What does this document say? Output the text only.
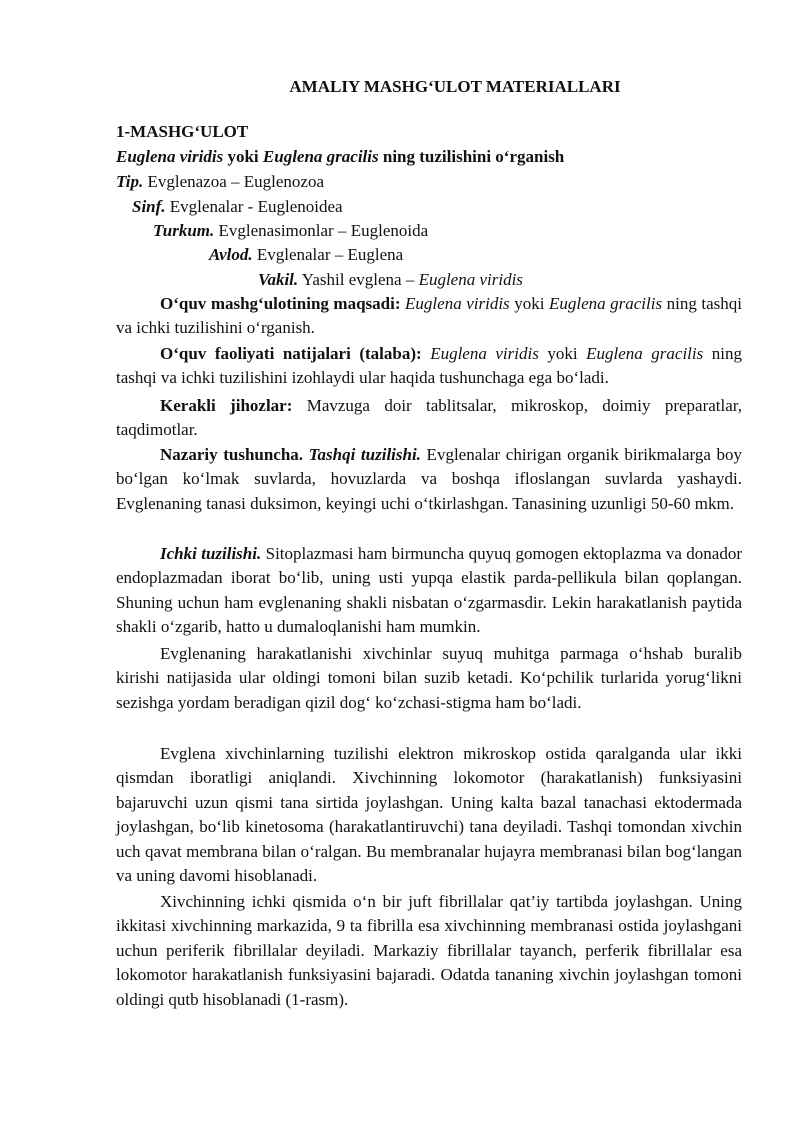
AMALIY MASHG‘ULOT MATERIALLARI
1-MASHG‘ULOT
Euglena viridis yoki Euglena gracilis ning tuzilishini o‘rganish
Tip. Evglenazoa – Euglenozoa
Sinf. Evglenalar - Euglenoidea
Turkum. Evglenasimonlar – Euglenoida
Avlod. Evglenalar – Euglena
Vakil. Yashil evglena – Euglena viridis

O‘quv mashg‘ulotining maqsadi: Euglena viridis yoki Euglena gracilis ning tashqi va ichki tuzilishini o‘rganish.

O‘quv faoliyati natijalari (talaba): Euglena viridis yoki Euglena gracilis ning tashqi va ichki tuzilishini izohlaydi ular haqida tushunchaga ega bo‘ladi.

Kerakli jihozlar: Mavzuga doir tablitsalar, mikroskop, doimiy preparatlar, taqdimotlar.

Nazariy tushuncha. Tashqi tuzilishi. Evglenalar chirigan organik birikmalarga boy bo‘lgan ko‘lmak suvlarda, hovuzlarda va boshqa ifloslangan suvlarda yashaydi. Evglenaning tanasi duksimon, keyingi uchi o‘tkirlashgan. Tanasining uzunligi 50-60 mkm.

Ichki tuzilishi. Sitoplazmasi ham birmuncha quyuq gomogen ektoplazma va donador endoplazmadan iborat bo‘lib, uning usti yupqa elastik parda-pellikula bilan qoplangan. Shuning uchun ham evglenaning shakli nisbatan o‘zgarmasdir. Lekin harakatlanish paytida shakli o‘zgarib, hatto u dumaloqlanishi ham mumkin.

Evglenaning harakatlanishi xivchinlar suyuq muhitga parmaga o‘hshab buralib kirishi natijasida ular oldingi tomoni bilan suzib ketadi. Ko‘pchilik turlarida yorug‘likni sezishga yordam beradigan qizil dog‘ ko‘zchasi-stigma ham bo‘ladi.

Evglena xivchinlarning tuzilishi elektron mikroskop ostida qaralganda ular ikki qismdan iboratligi aniqlandi. Xivchinning lokomotor (harakatlanish) funksiyasini bajaruvchi uzun qismi tana sirtida joylashgan. Uning kalta bazal tanachasi ektodermada joylashgan, bo‘lib kinetosoma (harakatlantiruvchi) tana deyiladi. Tashqi tomondan xivchin uch qavat membrana bilan o‘ralgan. Bu membranalar hujayra membranasi bilan bog‘langan va uning davomi hisoblanadi.

Xivchinning ichki qismida o‘n bir juft fibrillalar qat’iy tartibda joylashgan. Uning ikkitasi xivchinning markazida, 9 ta fibrilla esa xivchinning membranasi ostida joylashgani uchun periferik fibrillalar deyiladi. Markaziy fibrillalar tayanch, perferik fibrillalar esa lokomotor harakatlanish funksiyasini bajaradi. Odatda tananing xivchin joylashgan tomoni oldingi qutb hisoblanadi (1-rasm).
